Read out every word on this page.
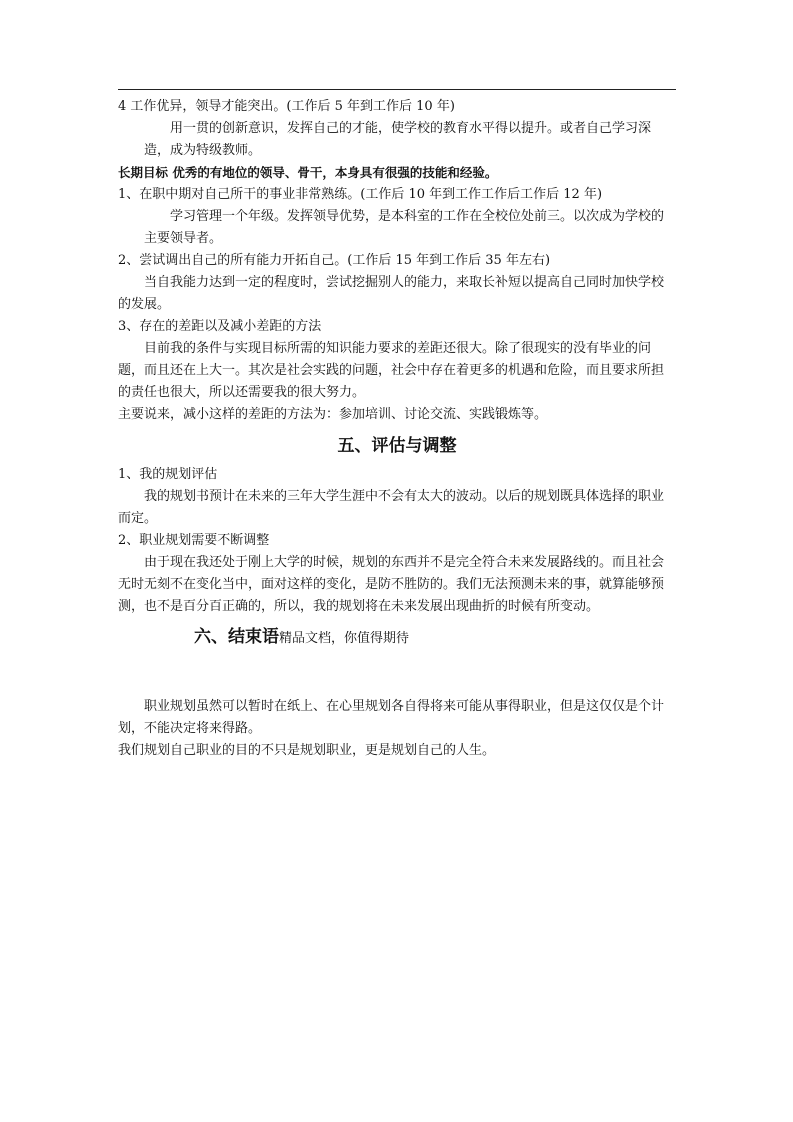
4 工作优异，领导才能突出。(工作后 5 年到工作后 10 年)

用一贯的创新意识，发挥自己的才能，使学校的教育水平得以提升。或者自己学习深造，成为特级教师。

长期目标 优秀的有地位的领导、骨干，本身具有很强的技能和经验。

1、在职中期对自己所干的事业非常熟练。(工作后 10 年到工作工作后工作后 12 年)

学习管理一个年级。发挥领导优势，是本科室的工作在全校位处前三。以次成为学校的主要领导者。

2、尝试调出自己的所有能力开拓自己。(工作后 15 年到工作后 35 年左右)

当自我能力达到一定的程度时，尝试挖掘别人的能力，来取长补短以提高自己同时加快学校的发展。

3、存在的差距以及减小差距的方法

目前我的条件与实现目标所需的知识能力要求的差距还很大。除了很现实的没有毕业的问题，而且还在上大一。其次是社会实践的问题，社会中存在着更多的机遇和危险，而且要求所担的责任也很大，所以还需要我的很大努力。

主要说来，减小这样的差距的方法为：参加培训、讨论交流、实践锻炼等。

五、评估与调整

1、我的规划评估

我的规划书预计在未来的三年大学生涯中不会有太大的波动。以后的规划既具体选择的职业而定。

2、职业规划需要不断调整

由于现在我还处于刚上大学的时候，规划的东西并不是完全符合未来发展路线的。而且社会无时无刻不在变化当中，面对这样的变化，是防不胜防的。我们无法预测未来的事，就算能够预测，也不是百分百正确的，所以，我的规划将在未来发展出现曲折的时候有所变动。

六、结束语精品文档，你值得期待

职业规划虽然可以暂时在纸上、在心里规划各自得将来可能从事得职业，但是这仅仅是个计划，不能决定将来得路。

我们规划自己职业的目的不只是规划职业，更是规划自己的人生。
